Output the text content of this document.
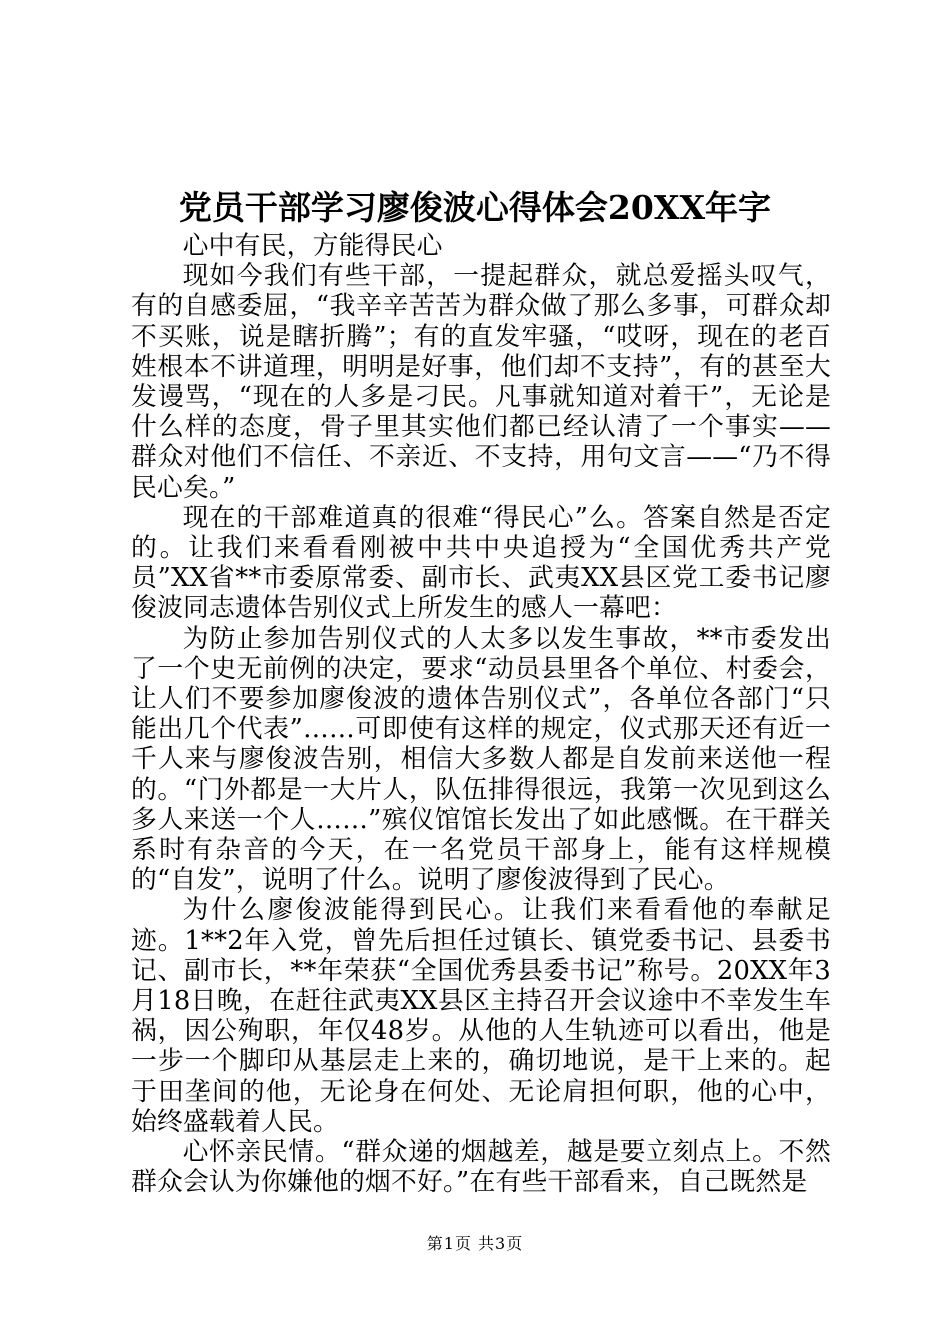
党员干部学习廖俊波心得体会20XX年字

心中有民，方能得民心

现如今我们有些干部，一提起群众，就总爱摇头叹气，有的自感委屈，“我辛辛苦苦为群众做了那么多事，可群众却不买账，说是瞎折腾”；有的直发牢骚，“哎呀，现在的老百姓根本不讲道理，明明是好事，他们却不支持”，有的甚至大发谩骂，“现在的人多是刁民。凡事就知道对着干”，无论是什么样的态度，骨子里其实他们都已经认清了一个事实——群众对他们不信任、不亲近、不支持，用句文言——“乃不得民心矣。”

现在的干部难道真的很难“得民心”么。答案自然是否定的。让我们来看看刚被中共中央追授为“全国优秀共产党员”XX省**市委原常委、副市长、武夷XX县区党工委书记廖俊波同志遗体告别仪式上所发生的感人一幕吧：

为防止参加告别仪式的人太多以发生事故，**市委发出了一个史无前例的决定，要求“动员县里各个单位、村委会，让人们不要参加廖俊波的遗体告别仪式”，各单位各部门“只能出几个代表”……可即使有这样的规定，仪式那天还有近一千人来与廖俊波告别，相信大多数人都是自发前来送他一程的。“门外都是一大片人，队伍排得很远，我第一次见到这么多人来送一个人……”殡仪馆馆长发出了如此感慨。在干群关系时有杂音的今天，在一名党员干部身上，能有这样规模的“自发”，说明了什么。说明了廖俊波得到了民心。

为什么廖俊波能得到民心。让我们来看看他的奉献足迹。1**2年入党，曾先后担任过镇长、镇党委书记、县委书记、副市长，**年荣获“全国优秀县委书记”称号。20XX年3月18日晚，在赶往武夷XX县区主持召开会议途中不幸发生车祸，因公殉职，年仅48岁。从他的人生轨迹可以看出，他是一步一个脚印从基层走上来的，确切地说，是干上来的。起于田垄间的他，无论身在何处、无论肩担何职，他的心中，始终盛载着人民。

心怀亲民情。“群众递的烟越差，越是要立刻点上。不然群众会认为你嫌他的烟不好。”在有些干部看来，自己既然是

第1页 共3页
